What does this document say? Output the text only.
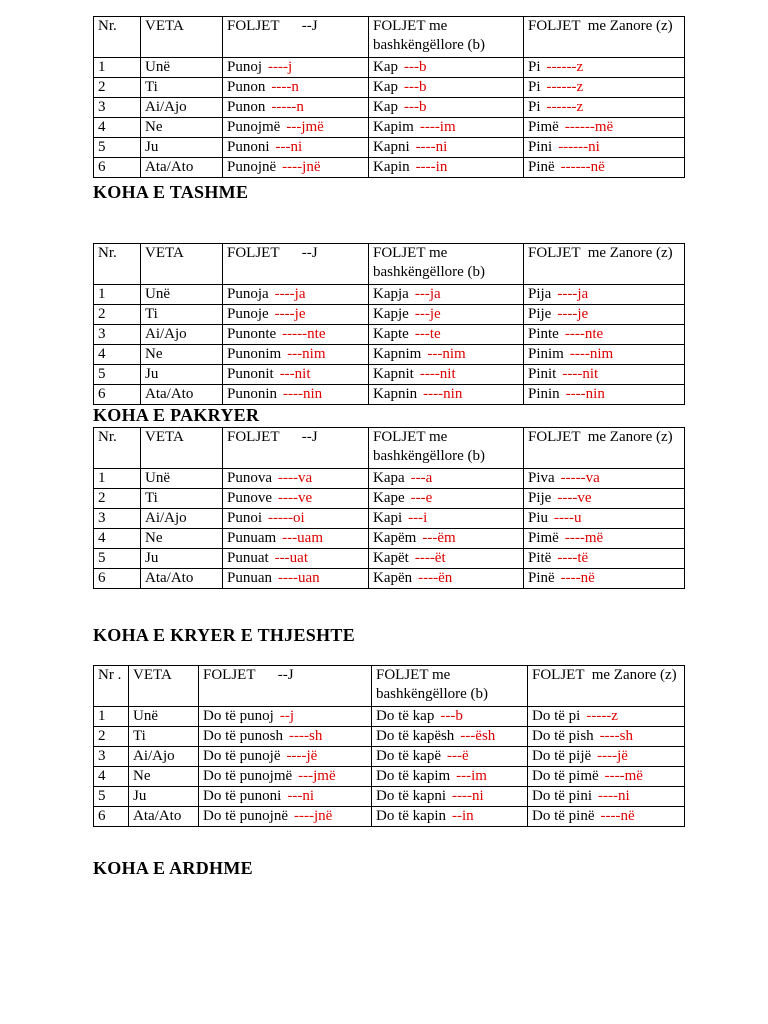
Nr.	VETA	FOLJET      --J	FOLJET me bashkëngëllore (b)	FOLJET  me Zanore (z)

1	Unë	Punoj ----j	Kap ---b	Pi ------z
2	Ti	Punon ----n	Kap ---b	Pi ------z
3	Ai/Ajo	Punon -----n	Kap ---b	Pi ------z
4	Ne	Punojmë ---jmë	Kapim ----im	Pimë ------më
5	Ju	Punoni ---ni	Kapni ----ni	Pini ------ni
6	Ata/Ato	Punojnë ----jnë	Kapin ----in	Pinë ------në
KOHA E TASHME
Nr.	VETA	FOLJET      --J	FOLJET me bashkëngëllore (b)	FOLJET  me Zanore (z)

1	Unë	Punoja ----ja	Kapja ---ja	Pija ----ja
2	Ti	Punoje ----je	Kapje ---je	Pije ----je
3	Ai/Ajo	Punonte -----nte	Kapte ---te	Pinte ----nte
4	Ne	Punonim ---nim	Kapnim ---nim	Pinim ----nim
5	Ju	Punonit ---nit	Kapnit ----nit	Pinit ----nit
6	Ata/Ato	Punonin ----nin	Kapnin ----nin	Pinin ----nin
KOHA E PAKRYER
Nr.	VETA	FOLJET      --J	FOLJET me bashkëngëllore (b)	FOLJET  me Zanore (z)

1	Unë	Punova ----va	Kapa ---a	Piva -----va
2	Ti	Punove ----ve	Kape ---e	Pije ----ve
3	Ai/Ajo	Punoi -----oi	Kapi ---i	Piu ----u
4	Ne	Punuam ---uam	Kapëm ---ëm	Pimë ----më
5	Ju	Punuat ---uat	Kapët ----ët	Pitë ----të
6	Ata/Ato	Punuan ----uan	Kapën ----ën	Pinë ----në
KOHA E KRYER E THJESHTE
Nr .	VETA	FOLJET      --J	FOLJET me bashkëngëllore (b)	FOLJET  me Zanore (z)

1	Unë	Do të punoj --j	Do të kap ---b	Do të pi -----z
2	Ti	Do të punosh ----sh	Do të kapësh ---ësh	Do të pish ----sh
3	Ai/Ajo	Do të punojë ----jë	Do të kapë ---ë	Do të pijë ----jë
4	Ne	Do të punojmë ---jmë	Do të kapim ---im	Do të pimë ----më
5	Ju	Do të punoni ---ni	Do të kapni ----ni	Do të pini ----ni
6	Ata/Ato	Do të punojnë ----jnë	Do të kapin --in	Do të pinë ----në
KOHA E ARDHME
